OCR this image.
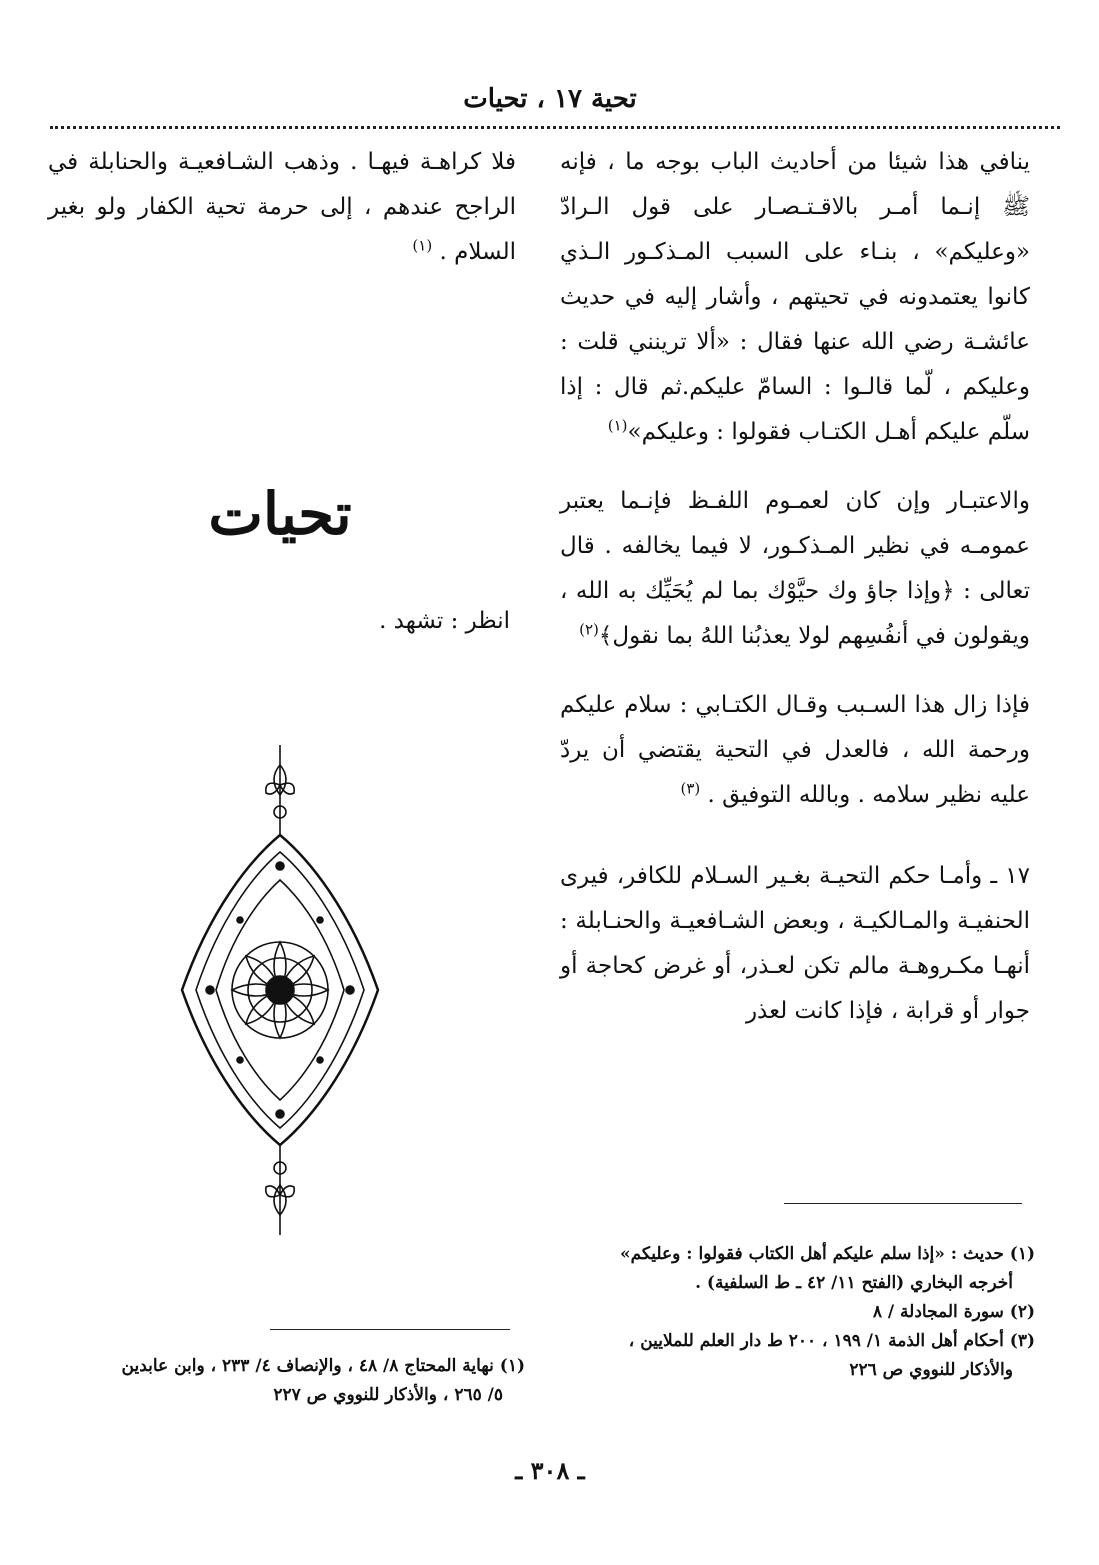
تحية ١٧ ، تحيات

ينافي هذا شيئا من أحاديث الباب بوجه ما ، فإنه ﷺ إنـما أمـر بالاقـتـصـار على قول الـرادّ «وعليكم» ، بنـاء على السبب المـذكـور الـذي كانوا يعتمدونه في تحيتهم ، وأشار إليه في حديث عائشـة رضي الله عنها فقال : «ألا ترينني قلت : وعليكم ، لّما قالـوا : السامّ عليكم.ثم قال : إذا سلّم عليكم أهـل الكتـاب فقولوا : وعليكم»$^{(١)}$

والاعتبـار وإن كان لعمـوم اللفـظ فإنـما يعتبر عمومـه في نظير المـذكـور، لا فيما يخالفه . قال تعالى : ﴿وإذا جاؤ وك حيَّوْك بما لم يُحَيِّك به الله ، ويقولون في أنفُسِهم لولا يعذبُنا اللهُ بما نقول﴾$^{(٢)}$

فإذا زال هذا السـبب وقـال الكتـابي : سلام عليكم ورحمة الله ، فالعدل في التحية يقتضي أن يردّ عليه نظير سلامه . وبالله التوفيق . $^{(٣)}$

١٧ ـ وأمـا حكم التحيـة بغـير السـلام للكافر، فيرى الحنفيـة والمـالكيـة ، وبعض الشـافعيـة والحنـابلة : أنهـا مكـروهـة مالم تكن لعـذر، أو غرض كحاجة أو جوار أو قرابة ، فإذا كانت لعذر

فلا كراهـة فيهـا . وذهب الشـافعيـة والحنابلة في الراجح عندهم ، إلى حرمة تحية الكفار ولو بغير السلام . $^{(١)}$

تحيات
انظر : تشهد .

(١) حديث : «إذا سلم عليكم أهل الكتاب فقولوا : وعليكم»

أخرجه البخاري (الفتح ١١/ ٤٢ ـ ط السلفية) .

(٢) سورة المجادلة / ٨

(٣) أحكام أهل الذمة ١/ ١٩٩ ، ٢٠٠ ط دار العلم للملايين ،

والأذكار للنووي ص ٢٢٦

(١) نهاية المحتاج ٨/ ٤٨ ، والإنصاف ٤/ ٢٣٣ ، وابن عابدين

٥/ ٢٦٥ ، والأذكار للنووي ص ٢٢٧

ـ ٣٠٨ ـ
